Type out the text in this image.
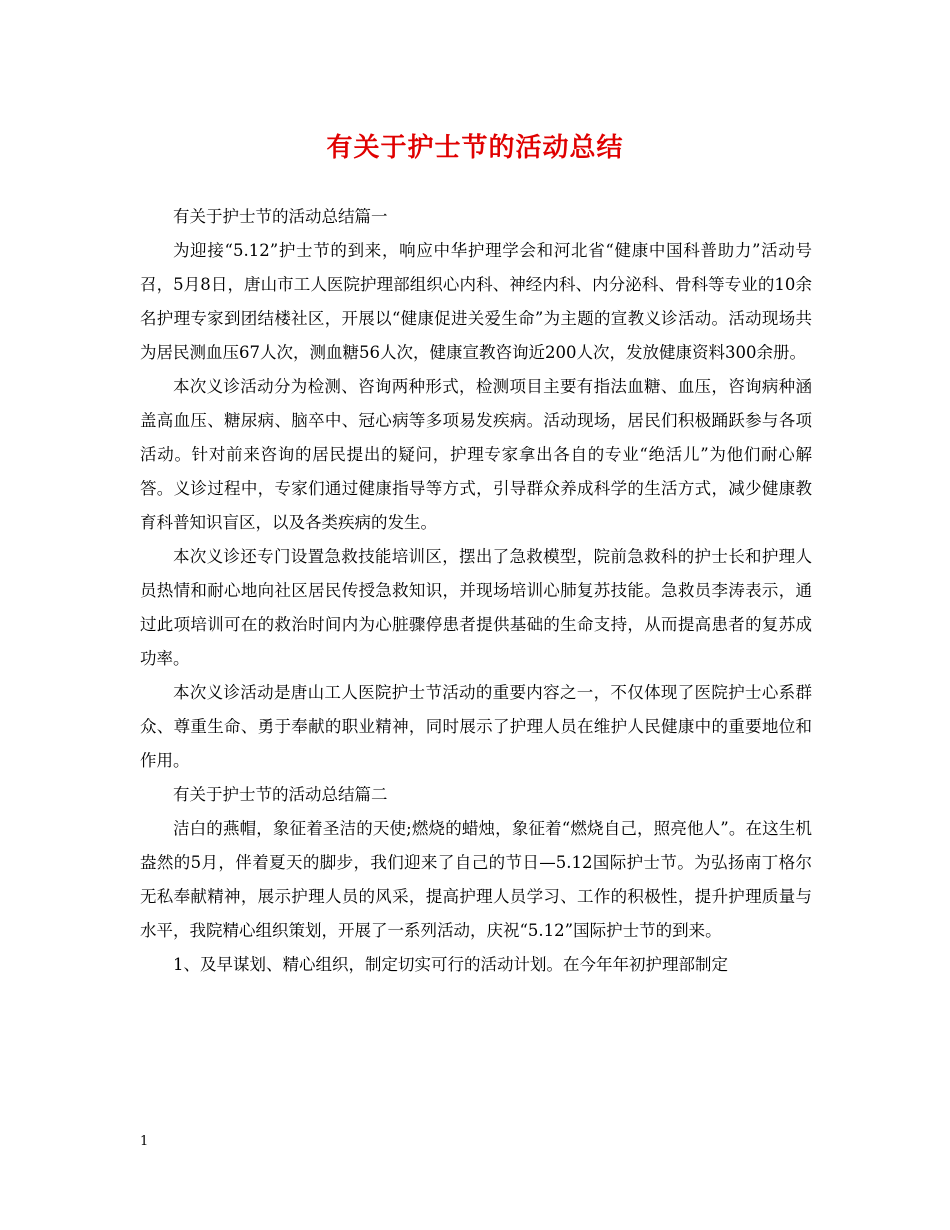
有关于护士节的活动总结

有关于护士节的活动总结篇一

为迎接“5.12”护士节的到来，响应中华护理学会和河北省“健康中国科普助力”活动号召，5月8日，唐山市工人医院护理部组织心内科、神经内科、内分泌科、骨科等专业的10余名护理专家到团结楼社区，开展以“健康促进关爱生命”为主题的宣教义诊活动。活动现场共为居民测血压67人次，测血糖56人次，健康宣教咨询近200人次，发放健康资料300余册。

本次义诊活动分为检测、咨询两种形式，检测项目主要有指法血糖、血压，咨询病种涵盖高血压、糖尿病、脑卒中、冠心病等多项易发疾病。活动现场，居民们积极踊跃参与各项活动。针对前来咨询的居民提出的疑问，护理专家拿出各自的专业“绝活儿”为他们耐心解答。义诊过程中，专家们通过健康指导等方式，引导群众养成科学的生活方式，减少健康教育科普知识盲区，以及各类疾病的发生。

本次义诊还专门设置急救技能培训区，摆出了急救模型，院前急救科的护士长和护理人员热情和耐心地向社区居民传授急救知识，并现场培训心肺复苏技能。急救员李涛表示，通过此项培训可在的救治时间内为心脏骤停患者提供基础的生命支持，从而提高患者的复苏成功率。

本次义诊活动是唐山工人医院护士节活动的重要内容之一，不仅体现了医院护士心系群众、尊重生命、勇于奉献的职业精神，同时展示了护理人员在维护人民健康中的重要地位和作用。

有关于护士节的活动总结篇二

洁白的燕帽，象征着圣洁的天使;燃烧的蜡烛，象征着“燃烧自己，照亮他人”。在这生机盎然的5月，伴着夏天的脚步，我们迎来了自己的节日—5.12国际护士节。为弘扬南丁格尔无私奉献精神，展示护理人员的风采，提高护理人员学习、工作的积极性，提升护理质量与水平，我院精心组织策划，开展了一系列活动，庆祝“5.12”国际护士节的到来。

1、及早谋划、精心组织，制定切实可行的活动计划。在今年年初护理部制定

1
